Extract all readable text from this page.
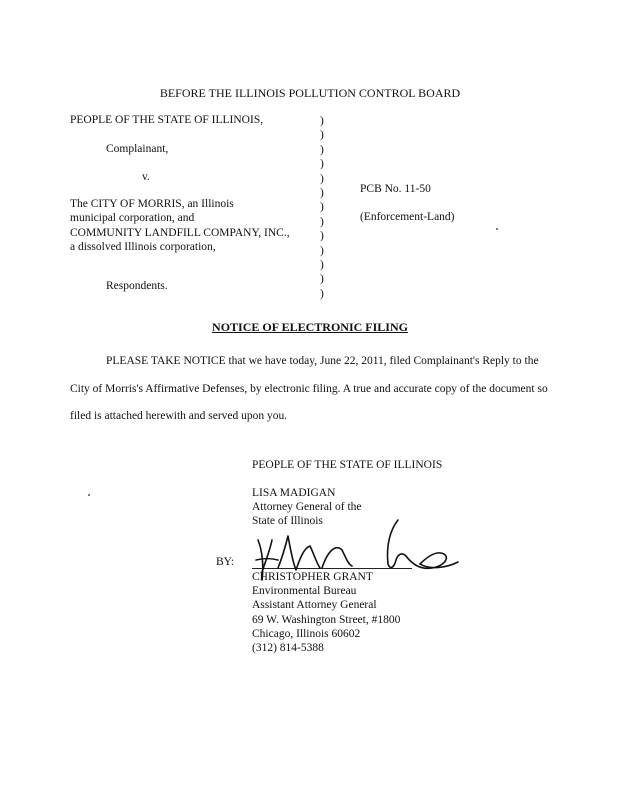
BEFORE THE ILLINOIS POLLUTION CONTROL BOARD
PEOPLE OF THE STATE OF ILLINOIS,
Complainant,
v.
The CITY OF MORRIS, an Illinois
municipal corporation, and
COMMUNITY LANDFILL COMPANY, INC.,
a dissolved Illinois corporation,
Respondents.
)
)
)
)
)
)
)
)
)
)
)
)
)
PCB No. 11-50
(Enforcement-Land)
NOTICE OF ELECTRONIC FILING
PLEASE TAKE NOTICE that we have today, June 22, 2011, filed Complainant's Reply to the City of Morris's Affirmative Defenses, by electronic filing. A true and accurate copy of the document so filed is attached herewith and served upon you.
PEOPLE OF THE STATE OF ILLINOIS
LISA MADIGAN
Attorney General of the
State of Illinois
BY:
CHRISTOPHER GRANT
Environmental Bureau
Assistant Attorney General
69 W. Washington Street, #1800
Chicago, Illinois 60602
(312) 814-5388
